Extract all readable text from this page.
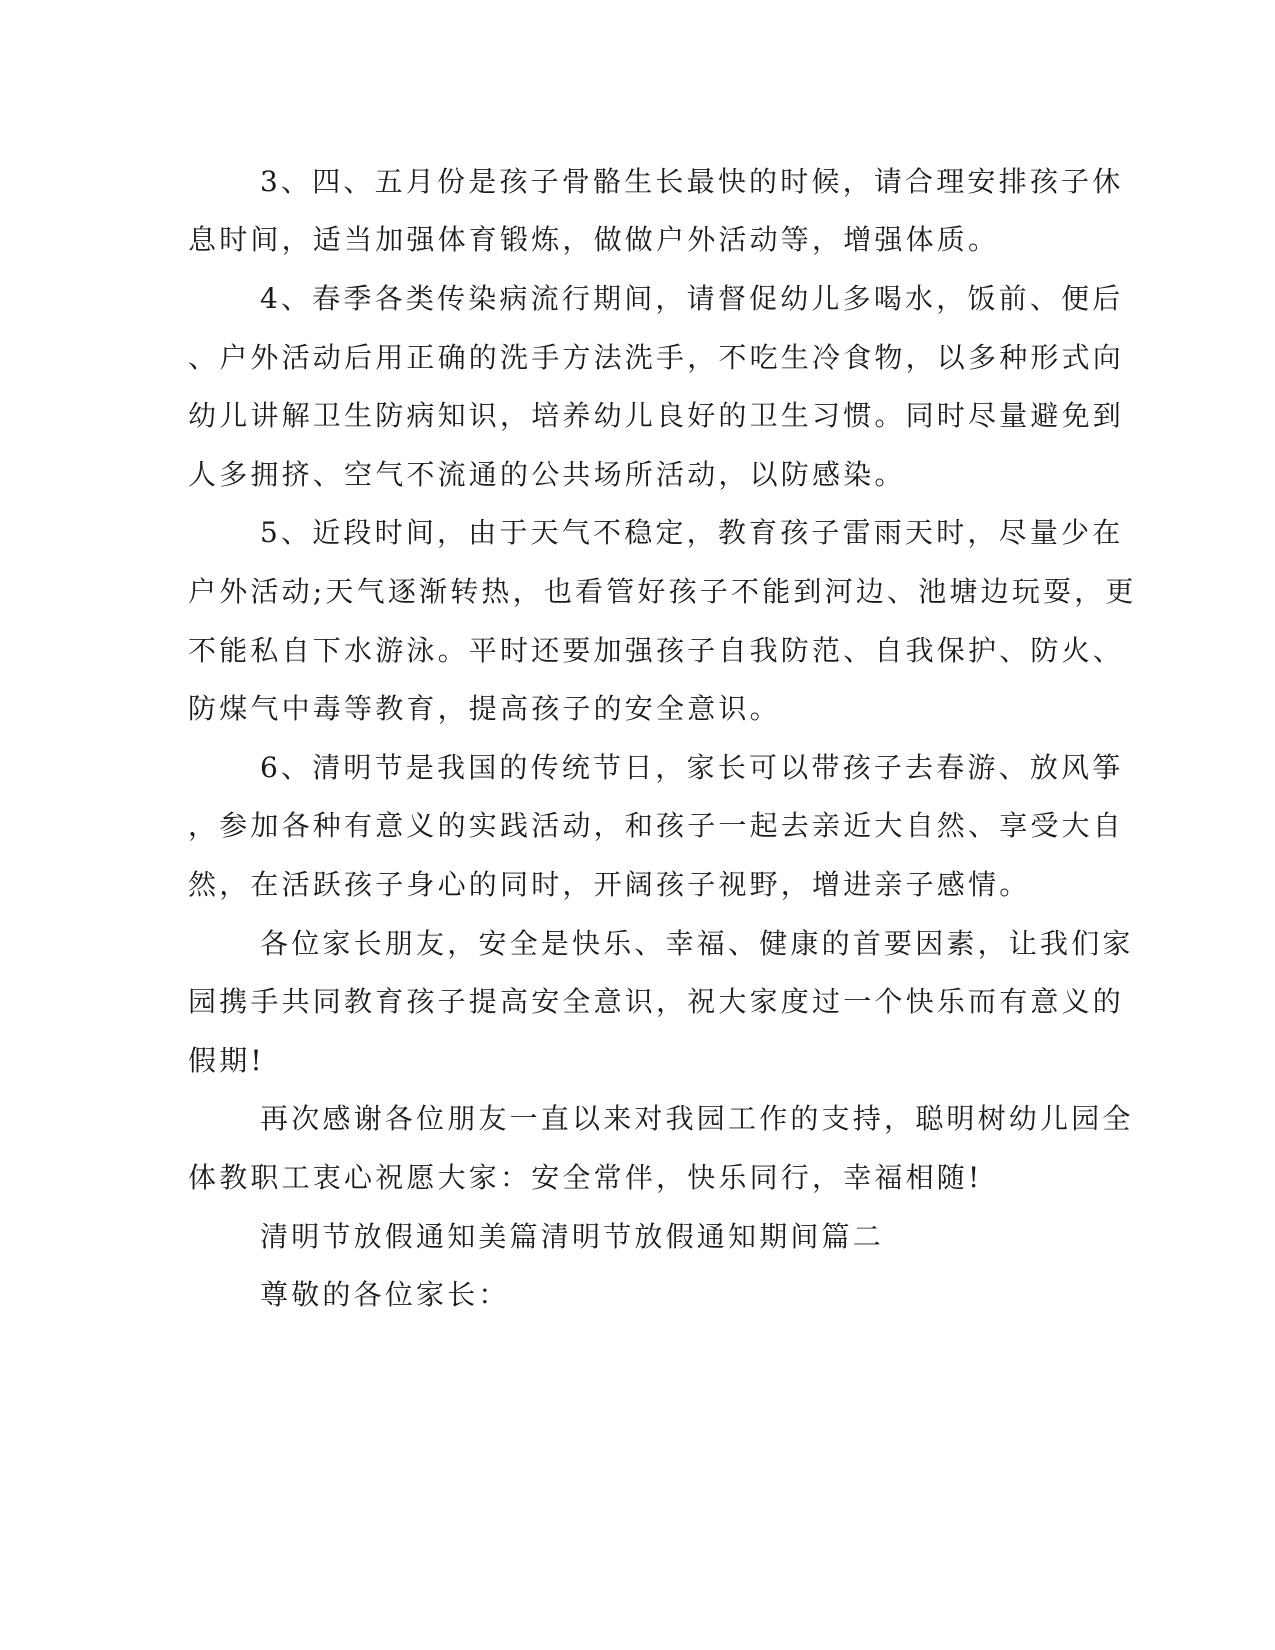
3、四、五月份是孩子骨骼生长最快的时候，请合理安排孩子休
息时间，适当加强体育锻炼，做做户外活动等，增强体质。
4、春季各类传染病流行期间，请督促幼儿多喝水，饭前、便后
、户外活动后用正确的洗手方法洗手，不吃生冷食物，以多种形式向
幼儿讲解卫生防病知识，培养幼儿良好的卫生习惯。同时尽量避免到
人多拥挤、空气不流通的公共场所活动，以防感染。
5、近段时间，由于天气不稳定，教育孩子雷雨天时，尽量少在
户外活动;天气逐渐转热，也看管好孩子不能到河边、池塘边玩耍，更
不能私自下水游泳。平时还要加强孩子自我防范、自我保护、防火、
防煤气中毒等教育，提高孩子的安全意识。
6、清明节是我国的传统节日，家长可以带孩子去春游、放风筝
，参加各种有意义的实践活动，和孩子一起去亲近大自然、享受大自
然，在活跃孩子身心的同时，开阔孩子视野，增进亲子感情。
各位家长朋友，安全是快乐、幸福、健康的首要因素，让我们家
园携手共同教育孩子提高安全意识，祝大家度过一个快乐而有意义的
假期!
再次感谢各位朋友一直以来对我园工作的支持，聪明树幼儿园全
体教职工衷心祝愿大家：安全常伴，快乐同行，幸福相随!
清明节放假通知美篇清明节放假通知期间篇二
尊敬的各位家长：
